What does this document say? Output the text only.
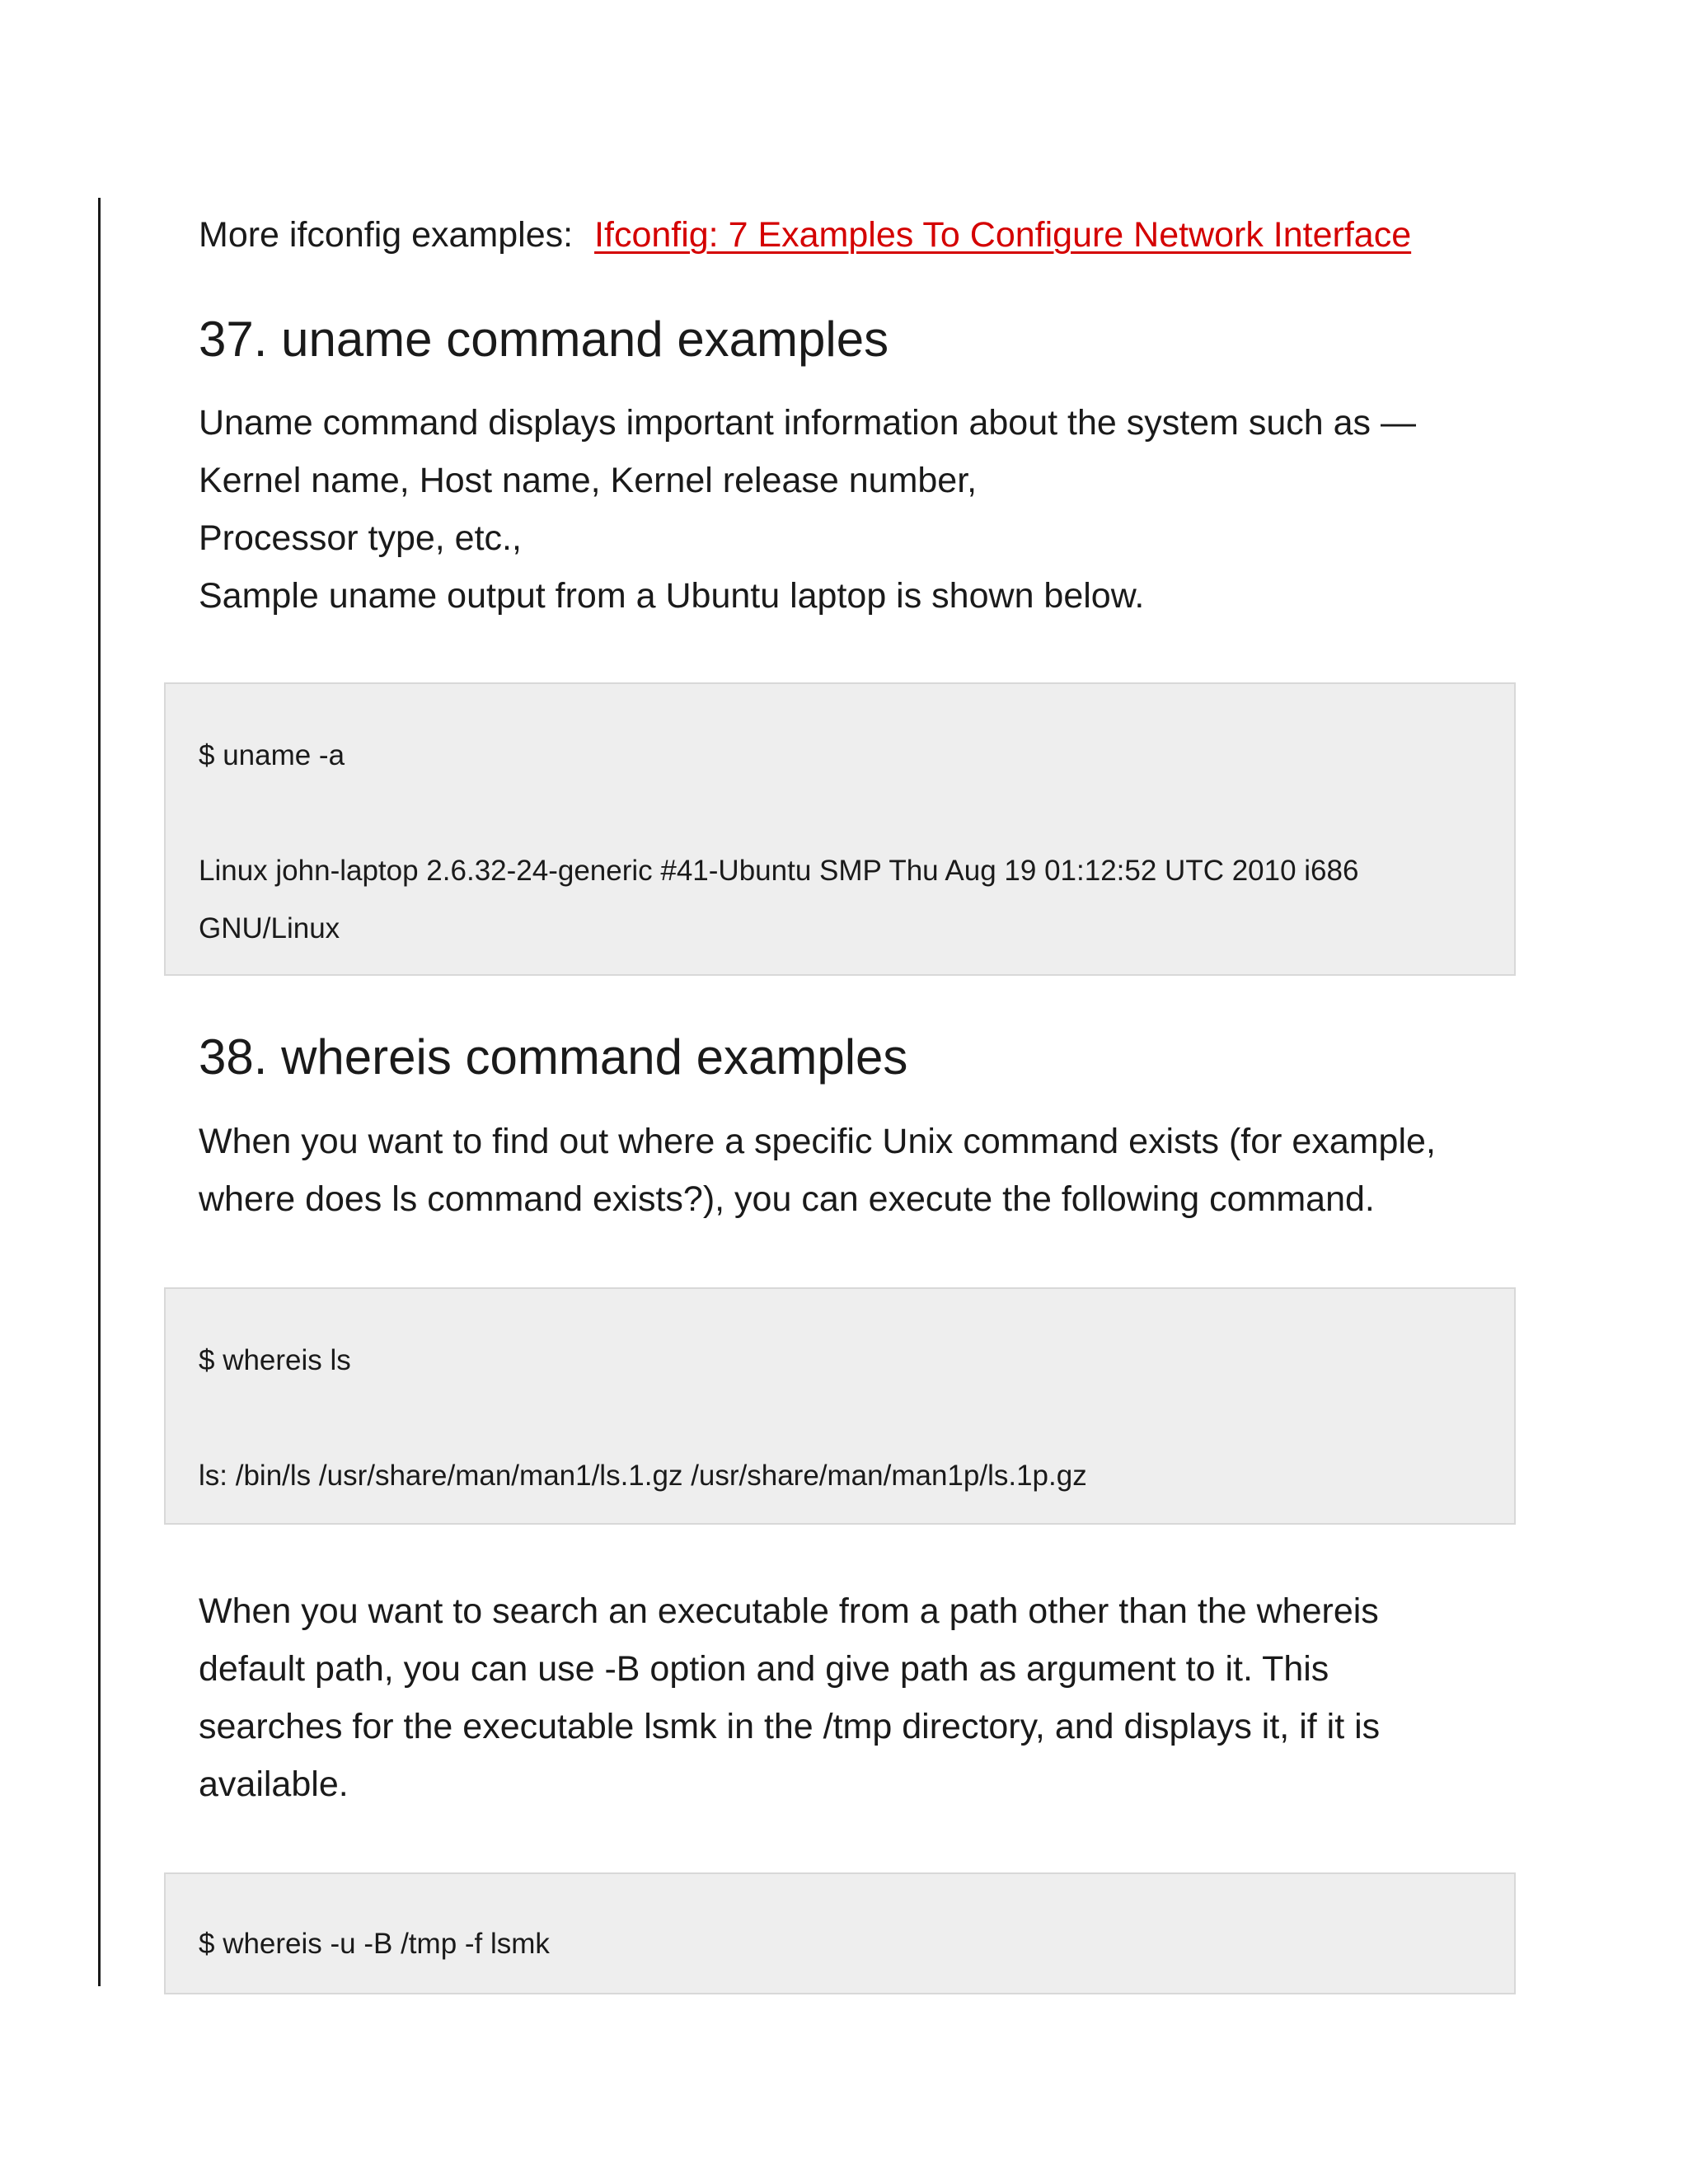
More ifconfig examples: Ifconfig: 7 Examples To Configure Network Interface
37. uname command examples
Uname command displays important information about the system such as —
Kernel name, Host name, Kernel release number,
Processor type, etc.,
Sample uname output from a Ubuntu laptop is shown below.
38. whereis command examples
When you want to find out where a specific Unix command exists (for example,
where does ls command exists?), you can execute the following command.
When you want to search an executable from a path other than the whereis
default path, you can use -B option and give path as argument to it. This
searches for the executable lsmk in the /tmp directory, and displays it, if it is
available.
$ uname -a
Linux john-laptop 2.6.32-24-generic #41-Ubuntu SMP Thu Aug 19 01:12:52 UTC 2010 i686
GNU/Linux
$ whereis ls
ls: /bin/ls /usr/share/man/man1/ls.1.gz /usr/share/man/man1p/ls.1p.gz
$ whereis -u -B /tmp -f lsmk
